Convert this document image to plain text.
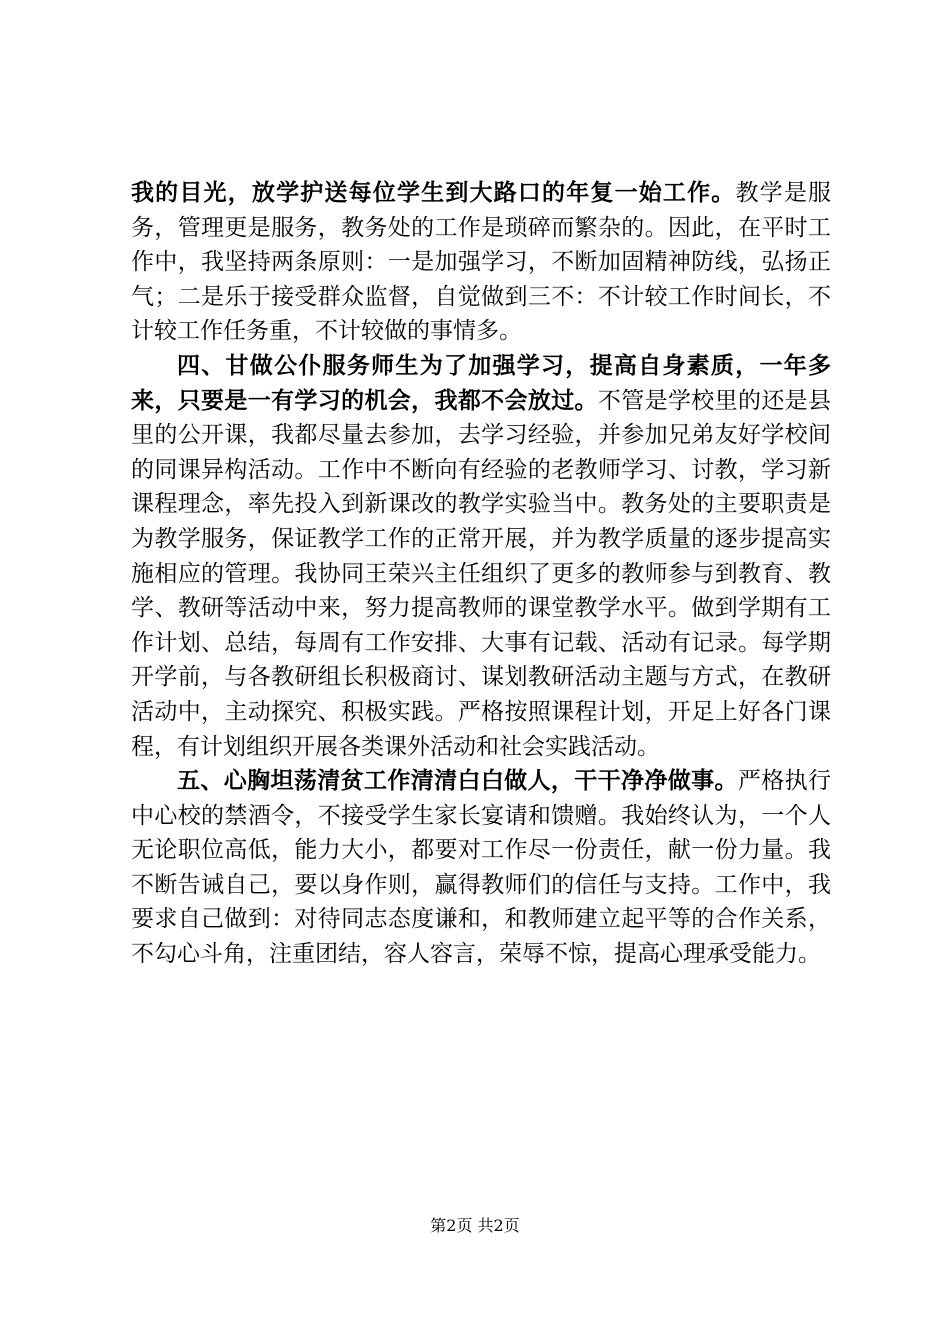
我的目光，放学护送每位学生到大路口的年复一始工作。教学是服务，管理更是服务，教务处的工作是琐碎而繁杂的。因此，在平时工作中，我坚持两条原则：一是加强学习，不断加固精神防线，弘扬正气；二是乐于接受群众监督，自觉做到三不：不计较工作时间长，不计较工作任务重，不计较做的事情多。

四、甘做公仆服务师生为了加强学习，提高自身素质，一年多来，只要是一有学习的机会，我都不会放过。不管是学校里的还是县里的公开课，我都尽量去参加，去学习经验，并参加兄弟友好学校间的同课异构活动。工作中不断向有经验的老教师学习、讨教，学习新课程理念，率先投入到新课改的教学实验当中。教务处的主要职责是为教学服务，保证教学工作的正常开展，并为教学质量的逐步提高实施相应的管理。我协同王荣兴主任组织了更多的教师参与到教育、教学、教研等活动中来，努力提高教师的课堂教学水平。做到学期有工作计划、总结，每周有工作安排、大事有记载、活动有记录。每学期开学前，与各教研组长积极商讨、谋划教研活动主题与方式，在教研活动中，主动探究、积极实践。严格按照课程计划，开足上好各门课程，有计划组织开展各类课外活动和社会实践活动。

五、心胸坦荡清贫工作清清白白做人，干干净净做事。严格执行中心校的禁酒令，不接受学生家长宴请和馈赠。我始终认为，一个人无论职位高低，能力大小，都要对工作尽一份责任，献一份力量。我不断告诫自己，要以身作则，赢得教师们的信任与支持。工作中，我要求自己做到：对待同志态度谦和，和教师建立起平等的合作关系，不勾心斗角，注重团结，容人容言，荣辱不惊，提高心理承受能力。

第2页 共2页
